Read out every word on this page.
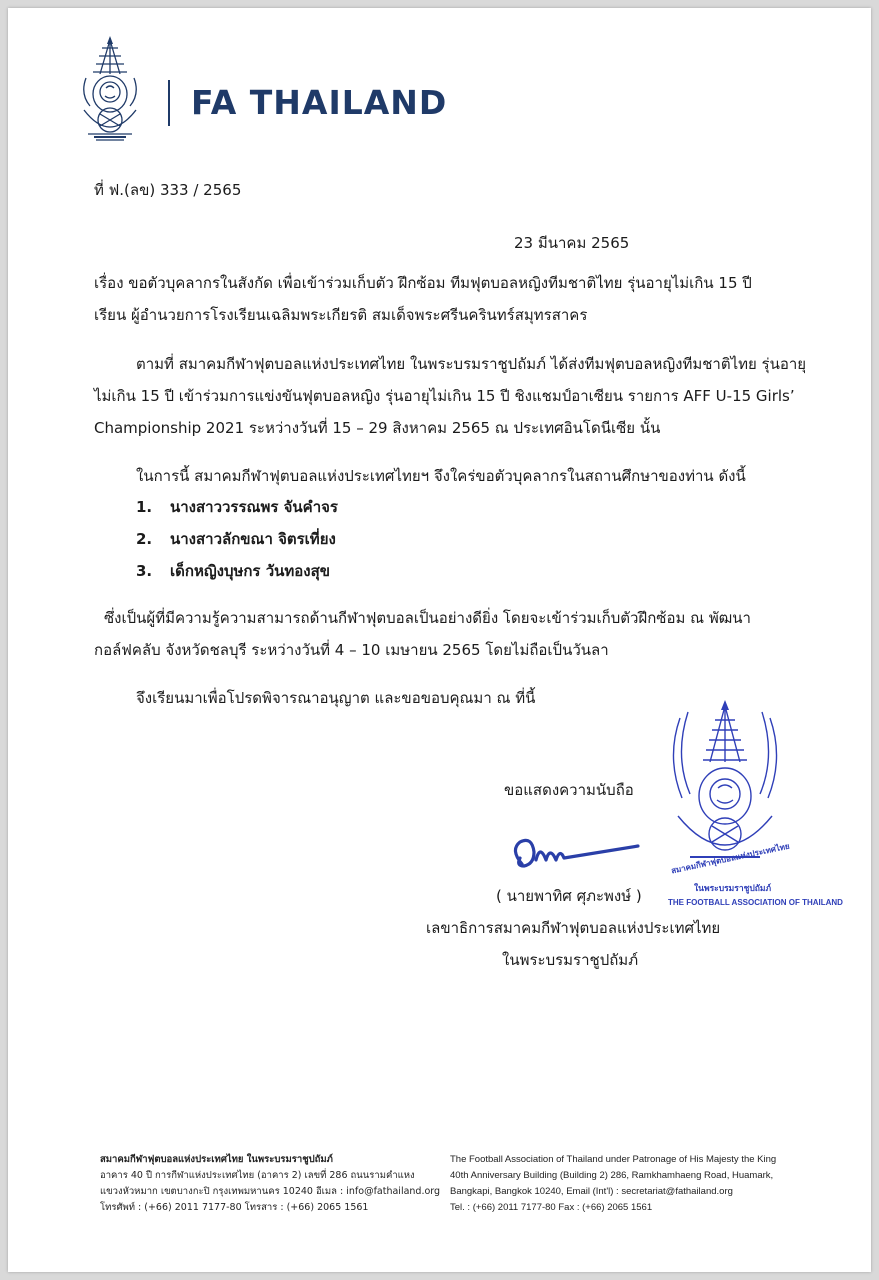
FA THAILAND
ที่ ฟ.(ลข) 333 / 2565
23 มีนาคม 2565
เรื่อง ขอตัวบุคลากรในสังกัด เพื่อเข้าร่วมเก็บตัว ฝึกซ้อม ทีมฟุตบอลหญิงทีมชาติไทย รุ่นอายุไม่เกิน 15 ปี
เรียน ผู้อำนวยการโรงเรียนเฉลิมพระเกียรติ สมเด็จพระศรีนครินทร์สมุทรสาคร
ตามที่ สมาคมกีฬาฟุตบอลแห่งประเทศไทย ในพระบรมราชูปถัมภ์ ได้ส่งทีมฟุตบอลหญิงทีมชาติไทย รุ่นอายุ
ไม่เกิน 15 ปี เข้าร่วมการแข่งขันฟุตบอลหญิง รุ่นอายุไม่เกิน 15 ปี ชิงแชมป์อาเซียน รายการ AFF U-15 Girls’
Championship 2021 ระหว่างวันที่ 15 – 29 สิงหาคม 2565 ณ ประเทศอินโดนีเซีย นั้น
ในการนี้ สมาคมกีฬาฟุตบอลแห่งประเทศไทยฯ จึงใคร่ขอตัวบุคลากรในสถานศึกษาของท่าน ดังนี้
1. นางสาววรรณพร จันคำจร
2. นางสาวลักขณา จิตรเที่ยง
3. เด็กหญิงบุษกร วันทองสุข
ซึ่งเป็นผู้ที่มีความรู้ความสามารถด้านกีฬาฟุตบอลเป็นอย่างดียิ่ง โดยจะเข้าร่วมเก็บตัวฝึกซ้อม ณ พัฒนา
กอล์ฟคลับ จังหวัดชลบุรี ระหว่างวันที่ 4 – 10 เมษายน 2565 โดยไม่ถือเป็นวันลา
จึงเรียนมาเพื่อโปรดพิจารณาอนุญาต และขอขอบคุณมา ณ ที่นี้
ขอแสดงความนับถือ
สมาคมกีฬาฟุตบอลแห่งประเทศไทย
ในพระบรมราชูปถัมภ์
THE FOOTBALL ASSOCIATION OF THAILAND
( นายพาทิศ ศุภะพงษ์ )
เลขาธิการสมาคมกีฬาฟุตบอลแห่งประเทศไทย
ในพระบรมราชูปถัมภ์
สมาคมกีฬาฟุตบอลแห่งประเทศไทย ในพระบรมราชูปถัมภ์
อาคาร 40 ปี การกีฬาแห่งประเทศไทย (อาคาร 2) เลขที่ 286 ถนนรามคำแหง
แขวงหัวหมาก เขตบางกะปิ กรุงเทพมหานคร 10240 อีเมล : info@fathailand.org
โทรศัพท์ : (+66) 2011 7177-80 โทรสาร : (+66) 2065 1561
The Football Association of Thailand under Patronage of His Majesty the King
40th Anniversary Building (Building 2) 286, Ramkhamhaeng Road, Huamark,
Bangkapi, Bangkok 10240, Email (Int'l) : secretariat@fathailand.org
Tel. : (+66) 2011 7177-80 Fax : (+66) 2065 1561
